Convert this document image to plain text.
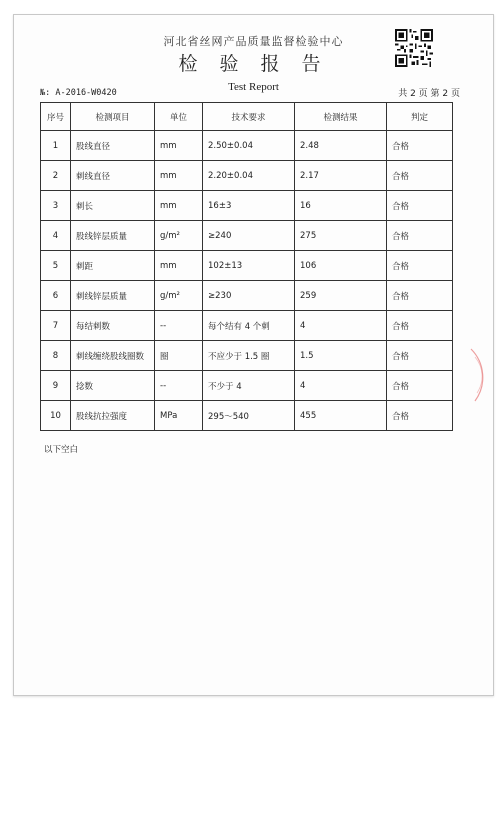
河北省丝网产品质量监督检验中心
检 验 报 告
Test Report
№: A-2016-W0420	共 2 页 第 2 页
序号	检测项目	单位	技术要求	检测结果	判定
1	股线直径	mm	2.50±0.04	2.48	合格
2	刺线直径	mm	2.20±0.04	2.17	合格
3	刺长	mm	16±3	16	合格
4	股线锌层质量	g/m²	≥240	275	合格
5	刺距	mm	102±13	106	合格
6	刺线锌层质量	g/m²	≥230	259	合格
7	每结刺数	--	每个结有 4 个刺	4	合格
8	刺线缠绕股线圈数	圈	不应少于 1.5 圈	1.5	合格
9	捻数	--	不少于 4	4	合格
10	股线抗拉强度	MPa	295～540	455	合格
以下空白
